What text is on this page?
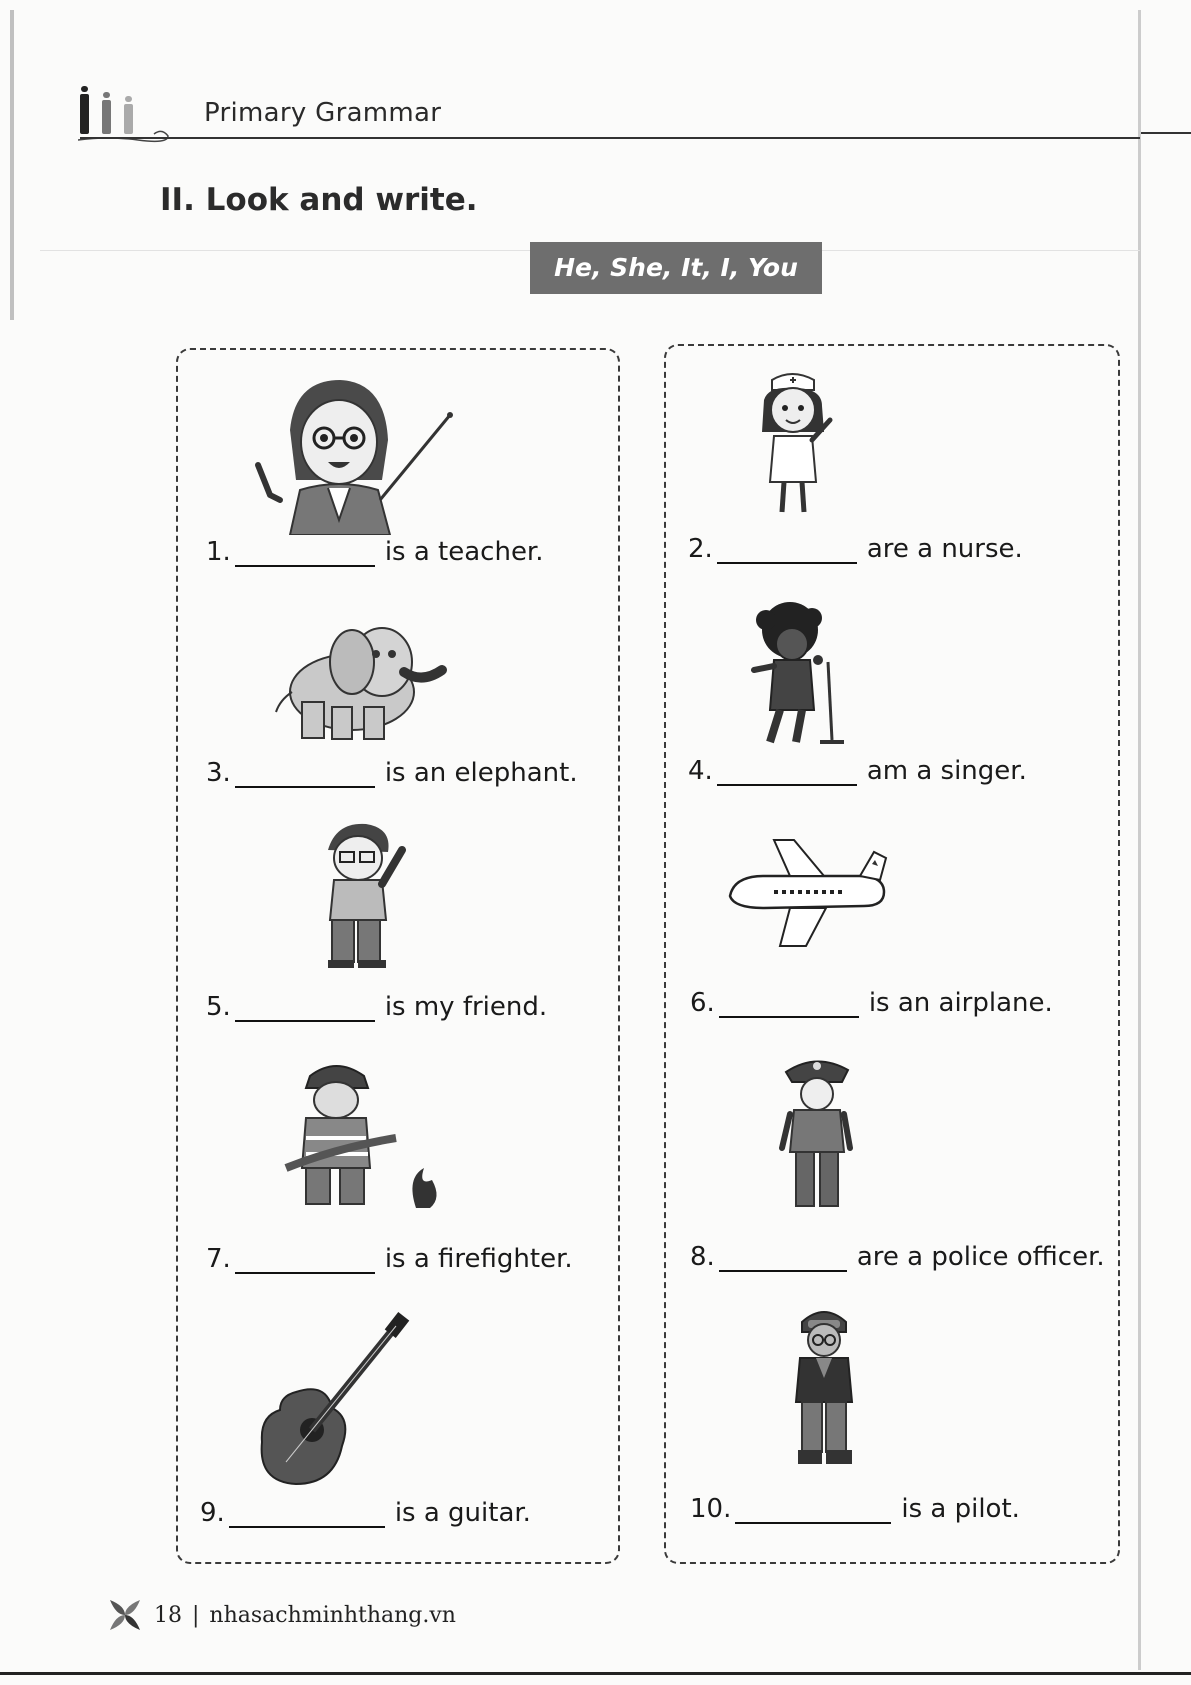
Primary Grammar
II. Look and write.
He, She, It, I, You
1.	is a teacher.
3.	is an elephant.
5.	is my friend.
7.	is a firefighter.
9.	is a guitar.
2.	are a nurse.
4.	am a singer.
6.	is an airplane.
8.	are a police officer.
10.	is a pilot.
18 | nhasachminhthang.vn
